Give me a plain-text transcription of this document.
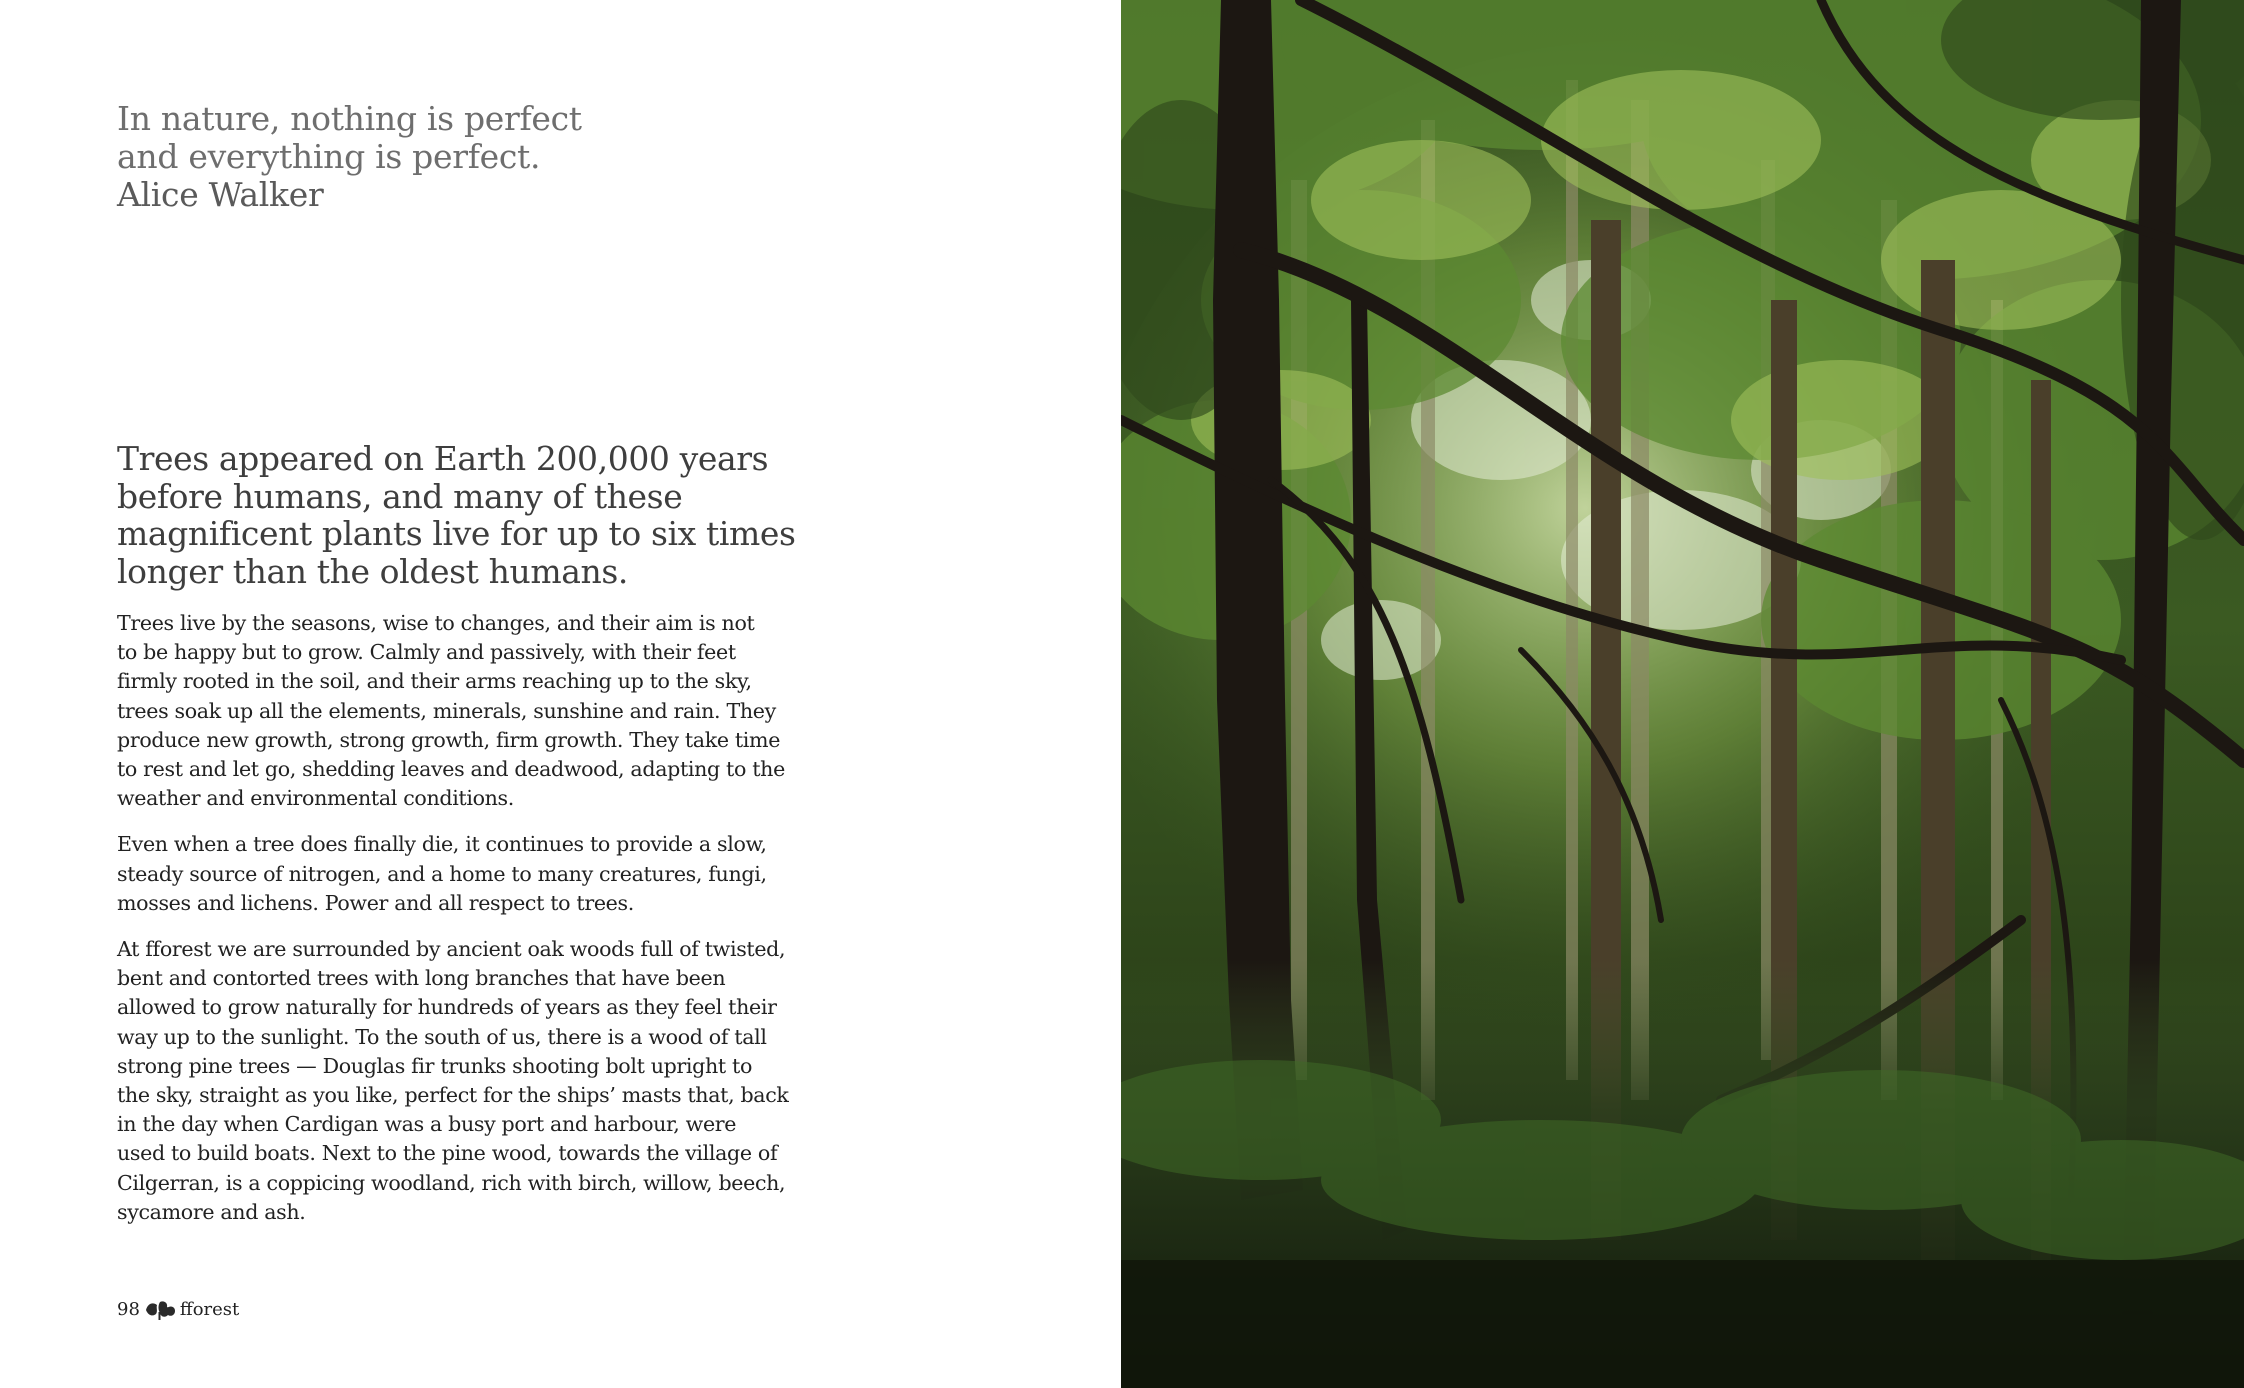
In nature, nothing is perfect
and everything is perfect.
Alice Walker
Trees appeared on Earth 200,000 years
before humans, and many of these
magnificent plants live for up to six times
longer than the oldest humans.

Trees live by the seasons, wise to changes, and their aim is not
to be happy but to grow. Calmly and passively, with their feet
firmly rooted in the soil, and their arms reaching up to the sky,
trees soak up all the elements, minerals, sunshine and rain. They
produce new growth, strong growth, firm growth. They take time
to rest and let go, shedding leaves and deadwood, adapting to the
weather and environmental conditions.

Even when a tree does finally die, it continues to provide a slow,
steady source of nitrogen, and a home to many creatures, fungi,
mosses and lichens. Power and all respect to trees.

At fforest we are surrounded by ancient oak woods full of twisted,
bent and contorted trees with long branches that have been
allowed to grow naturally for hundreds of years as they feel their
way up to the sunlight. To the south of us, there is a wood of tall
strong pine trees — Douglas fir trunks shooting bolt upright to
the sky, straight as you like, perfect for the ships’ masts that, back
in the day when Cardigan was a busy port and harbour, were
used to build boats. Next to the pine wood, towards the village of
Cilgerran, is a coppicing woodland, rich with birch, willow, beech,
sycamore and ash.

98 fforest
